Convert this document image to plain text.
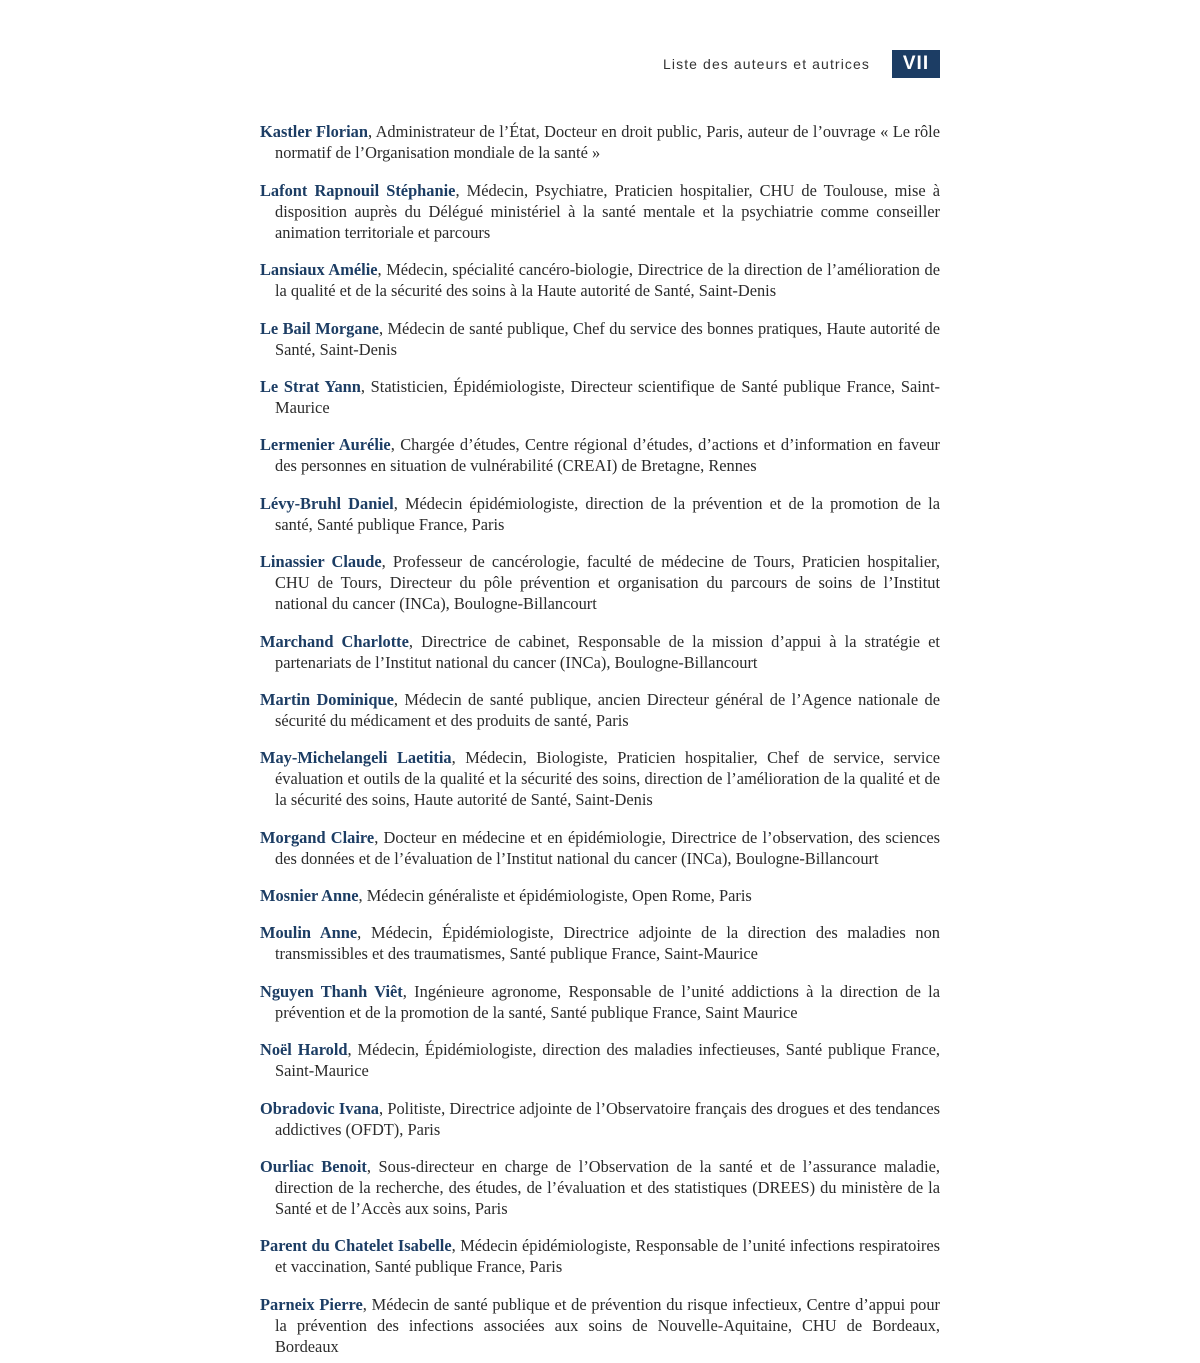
Liste des auteurs et autrices	VII

Kastler Florian, Administrateur de l’État, Docteur en droit public, Paris, auteur de l’ouvrage « Le rôle normatif de l’Organisation mondiale de la santé »

Lafont Rapnouil Stéphanie, Médecin, Psychiatre, Praticien hospitalier, CHU de Toulouse, mise à disposition auprès du Délégué ministériel à la santé mentale et la psychiatrie comme conseiller animation territoriale et parcours

Lansiaux Amélie, Médecin, spécialité cancéro-biologie, Directrice de la direction de l’amélioration de la qualité et de la sécurité des soins à la Haute autorité de Santé, Saint-Denis

Le Bail Morgane, Médecin de santé publique, Chef du service des bonnes pratiques, Haute autorité de Santé, Saint-Denis

Le Strat Yann, Statisticien, Épidémiologiste, Directeur scientifique de Santé publique France, Saint-Maurice

Lermenier Aurélie, Chargée d’études, Centre régional d’études, d’actions et d’information en faveur des personnes en situation de vulnérabilité (CREAI) de Bretagne, Rennes

Lévy-Bruhl Daniel, Médecin épidémiologiste, direction de la prévention et de la promotion de la santé, Santé publique France, Paris

Linassier Claude, Professeur de cancérologie, faculté de médecine de Tours, Praticien hospitalier, CHU de Tours, Directeur du pôle prévention et organisation du parcours de soins de l’Institut national du cancer (INCa), Boulogne-Billancourt

Marchand Charlotte, Directrice de cabinet, Responsable de la mission d’appui à la stratégie et partenariats de l’Institut national du cancer (INCa), Boulogne-Billancourt

Martin Dominique, Médecin de santé publique, ancien Directeur général de l’Agence nationale de sécurité du médicament et des produits de santé, Paris

May-Michelangeli Laetitia, Médecin, Biologiste, Praticien hospitalier, Chef de service, service évaluation et outils de la qualité et la sécurité des soins, direction de l’amélioration de la qualité et de la sécurité des soins, Haute autorité de Santé, Saint-Denis

Morgand Claire, Docteur en médecine et en épidémiologie, Directrice de l’observation, des sciences des données et de l’évaluation de l’Institut national du cancer (INCa), Boulogne-Billancourt

Mosnier Anne, Médecin généraliste et épidémiologiste, Open Rome, Paris

Moulin Anne, Médecin, Épidémiologiste, Directrice adjointe de la direction des maladies non transmissibles et des traumatismes, Santé publique France, Saint-Maurice

Nguyen Thanh Viêt, Ingénieure agronome, Responsable de l’unité addictions à la direction de la prévention et de la promotion de la santé, Santé publique France, Saint Maurice

Noël Harold, Médecin, Épidémiologiste, direction des maladies infectieuses, Santé publique France, Saint-Maurice

Obradovic Ivana, Politiste, Directrice adjointe de l’Observatoire français des drogues et des tendances addictives (OFDT), Paris

Ourliac Benoit, Sous-directeur en charge de l’Observation de la santé et de l’assurance maladie, direction de la recherche, des études, de l’évaluation et des statistiques (DREES) du ministère de la Santé et de l’Accès aux soins, Paris

Parent du Chatelet Isabelle, Médecin épidémiologiste, Responsable de l’unité infections respiratoires et vaccination, Santé publique France, Paris

Parneix Pierre, Médecin de santé publique et de prévention du risque infectieux, Centre d’appui pour la prévention des infections associées aux soins de Nouvelle-Aquitaine, CHU de Bordeaux, Bordeaux
